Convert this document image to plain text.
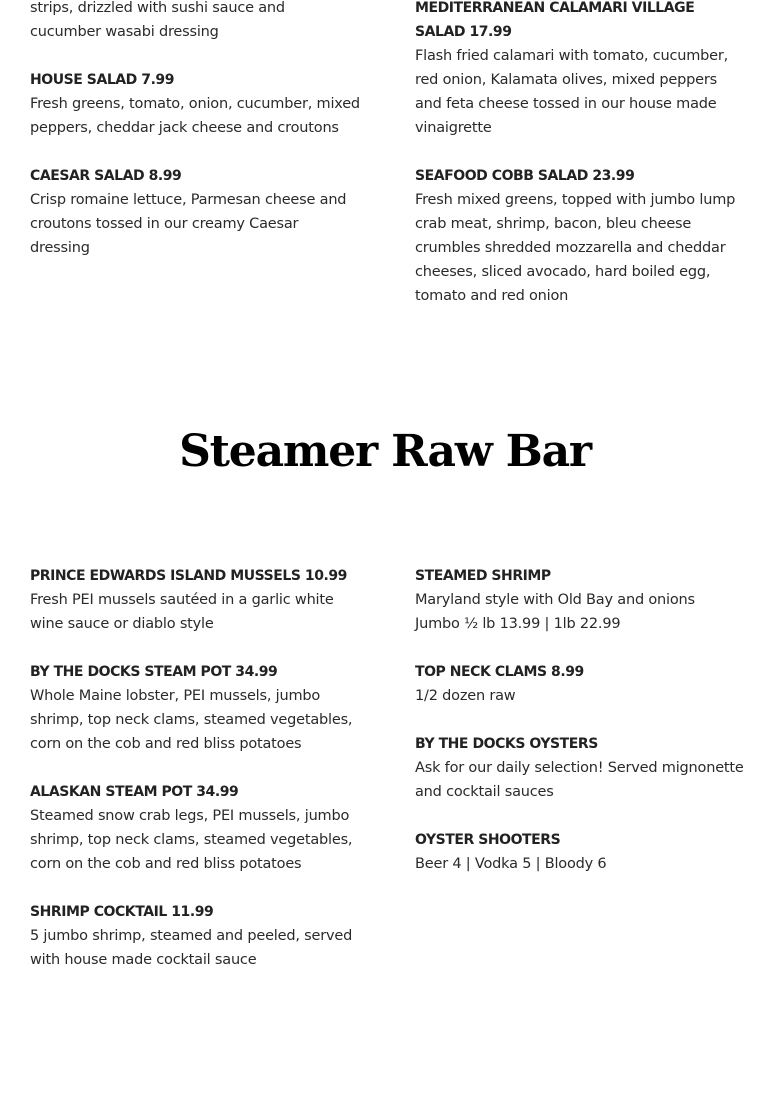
strips, drizzled with sushi sauce and cucumber wasabi dressing
HOUSE SALAD 7.99
Fresh greens, tomato, onion, cucumber, mixed peppers, cheddar jack cheese and croutons
CAESAR SALAD 8.99
Crisp romaine lettuce, Parmesan cheese and croutons tossed in our creamy Caesar dressing
MEDITERRANEAN CALAMARI VILLAGE SALAD 17.99
Flash fried calamari with tomato, cucumber, red onion, Kalamata olives, mixed peppers and feta cheese tossed in our house made vinaigrette
SEAFOOD COBB SALAD 23.99
Fresh mixed greens, topped with jumbo lump crab meat, shrimp, bacon, bleu cheese crumbles shredded mozzarella and cheddar cheeses, sliced avocado, hard boiled egg, tomato and red onion
Steamer Raw Bar
PRINCE EDWARDS ISLAND MUSSELS 10.99
Fresh PEI mussels sautéed in a garlic white wine sauce or diablo style
BY THE DOCKS STEAM POT 34.99
Whole Maine lobster, PEI mussels, jumbo shrimp, top neck clams, steamed vegetables, corn on the cob and red bliss potatoes
ALASKAN STEAM POT 34.99
Steamed snow crab legs, PEI mussels, jumbo shrimp, top neck clams, steamed vegetables, corn on the cob and red bliss potatoes
SHRIMP COCKTAIL 11.99
5 jumbo shrimp, steamed and peeled, served with house made cocktail sauce
STEAMED SHRIMP
Maryland style with Old Bay and onions
Jumbo ½ lb 13.99 | 1lb 22.99
TOP NECK CLAMS 8.99
1/2 dozen raw
BY THE DOCKS OYSTERS
Ask for our daily selection! Served mignonette and cocktail sauces
OYSTER SHOOTERS
Beer 4 | Vodka 5 | Bloody 6
